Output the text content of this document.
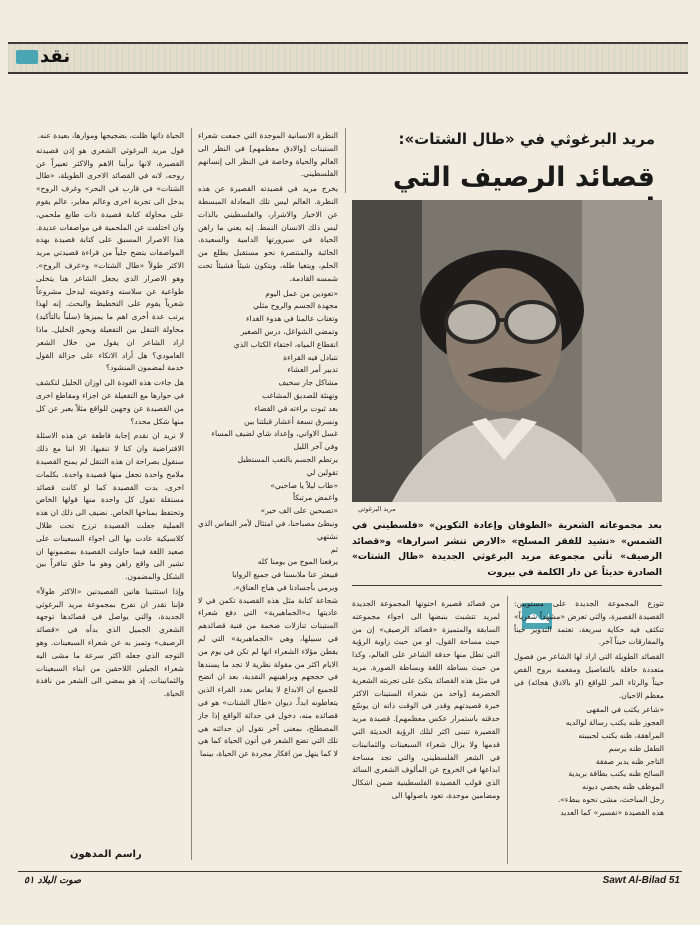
نقد

الحياة ذاتها ظلت، بضجيجها وموارها، بعيدة عنه.

قول مريد البرغوثي الشعري هو إذن قصيدته القصيرة، لانها برأينا الاهم والاكثر تعبيراً عن روحه، لانه في القصائد الاخرى الطويلة، «طال الشتات» في قارب في البحر» وغرف الروح» يدخل الى تجربة اخرى وعالم مغاير، عالم يقوم على محاولة كتابة قصيدة ذات طابع ملحمي، وان اختلفت عن الملحمية في مواصفات عديدة. هذا الاصرار المسبق على كتابة قصيدة بهذه المواصفات يتضح جلياً من قراءة قصيدتي مريد الاكثر طولاً «طال الشتات» و«غرف الروح». وهو الاصرار الذي يجعل الشاعر هنا يتخلى طواعية عن سلاسته وعفويته ليدخل مشروعاً شعرياً يقوم على التخطيط والبحث. إنه لهذا يرتب عدة أخرى اهم ما يميزها (سلباً بالتأكيد) محاولة التنقل بين التفعيلة وبحور الخليل. ماذا اراد الشاعر ان يقول من خلال الشعر العامودي؟ هل أراد الاتكاء على جزالة القول خدمة لمضمون المنشود؟

هل جاءت هذه العودة الى اوزان الخليل لتكشف في حوارها مع التفعيلة عن اجزاء ومقاطع اخرى من القصيدة عن وجهين للواقع مثلاً يعبر عن كل منها شكل محدد؟

لا نريد ان نقدم إجابة قاطعة عن هذه الاسئلة الافتراضية وان كنا لا ننفيها، الا اننا مع ذلك سنقول بصراحة ان هذه التنقل لم يمنح القصيدة ملامح واحدة تجعل منها قصيدة واحدة. بكلمات اخرى، بدت القصيدة كما لو كانت قصائد مستقلة تقول كل واحدة منها قولها الخاص وتحتفظ بمناخها الخاص. نضيف الى ذلك ان هذه العملية جعلت القصيدة ترزح تحت ظلال كلاسيكية عادت بها الى اجواء السبعينات على صعيد اللغة فيما حاولت القصيدة بمضمونها ان تشير الى واقع راهن وهو ما خلق تنافراً بين الشكل والمضمون.

وإذا استثنينا هاتين القصيدتين «الاكثر طولاً» فإننا نقدر ان نفرح بمجموعة مريد البرغوثي الجديدة، والتي يواصل في قصائدها توجهه الشعري الجميل الذي بدأه في «قصائد الرصيف» وتميز به عن شعراء السبعينات. وهو التوجه الذي جعله اكثر سرعة ما مشى اليه شعراء الجيلين اللاحقين من ابناء السبعينات والثمانينات. إذ هو يمضي الى الشعر من نافذة الحياة.

النظرة الانسانية الموجدة التي جمعت شعراء الستينات [والادق معظمهم] في النظر الى العالم والحياة وخاصة في النظر الى إنسانهم الفلسطيني.

يخرج مريد في قصيدته القصيرة عن هذه النظرة. العالم ليس تلك المعادلة المبسطة عن الاخيار والاشرار، والفلسطيني بالذات ليس ذلك الانسان النمط. إنه يعني ما راهن الحياة في سيرورتها الدامية والسعيدة، الخائبة والمنتصرة نحو مستقبل يطلع من الحلم، ويتغيا طله، ويتكون شيئاً فشيئاً تحت شمسه القادمة.

«تعودين من عمل اليوم
مجهدة الجسم والروح مثلي
وتغتاب عالمنا في هدوء الغداء
وتمضي الشواغل، درس الصغير
انقطاع المياه، اختفاء الكتاب الذي
نتبادل فيه القراءة
تدبير أمر العشاء
مشاكل جار سخيف
وتهنئة للصديق المشاغب
بعد ثبوت براءته في القضاء
ونسرق تسعة أعشار قبلتنا بين
غسل الاواني، وإعداد شاي لضيف المساء
وفي آخر الليل
يرتطم الجسم بالتعب المستطيل
تقولين لي
«طاب ليلاً يا صاحبي»
واغمض مرتبكاً
«تصبحين على الف خير»
ونبطئ مصباحنا، في امتثال لأمر النعاس الذي نشتهي
ثم
يرفعنا الموج من يومنا كله
فيبعثر عنا ملابسنا في جميع الزوايا
ويرمي بأجسادنا في هياج العناق».

شجاعة كتابة مثل هذه القصيدة تكمن في لا عاديتها بـ«الجماهيرية» التي دفع شعراء الستينات تنازلات ضخمة من فنية قصائدهم في سبيلها، وهي «الجماهيرية» التي لم يقطن مؤلاء الشعراء انها لم تكن في يوم من الايام اكثر من مقولة نظرية لا تجد ما يسندها في حججهم وبراهينهم النقدية، بعد ان اتضح للجميع ان الابداع لا يقاس بعدد القراء الذين يتعاطونه ابداً. ديوان «طال الشتات» هو في قصائده منه، دخول في حداثة الواقع إذا جاز المصطلح، بمعنى آخر نقول ان حداثته هي تلك التي تضع الشعر في أتون الحياة كما هي لا كما ينهل من افكار مجردة عن الحياة، بينما

مريد البرغوثي في «طال الشتات»:
قصائد الرصيف التي
مريد البرغوثي
بعد مجموعاته الشعرية «الطوفان وإعادة التكوين» «فلسطيني في الشمس» «نشيد للفقر المسلح» «الارض تنشر اسرارها» و«قصائد الرصيف» تأتي مجموعة مريد البرغوثي الجديدة «طال الشتات» الصادرة حديثاً عن دار الكلمة في بيروت

من قصائد قصيرة احتوتها المجموعة الجديدة لمريد تتشبث بنبضها الى اجواء مجموعته السابقة والمتميزة «قصائد الرصيف» إن من حيث مساحة القول، او من حيث زاوية الرؤية التي تطل منها حدقة الشاعر على العالم، وكذا من حيث بساطة اللغة وبساطة الصورة. مريد في مثل هذه القصائد يتكئ على تجربته الشعرية الخضرمة [واحد من شعراء الستينات الاكثر خبرة قصيدتهم وقدر في الوقت ذاته ان يوسّع حدقته باستمرار عكس معظمهم]. قصيدة مريد القصيرة تتبنى اكثر لتلك الرؤية الحديثة التي قدمها ولا يزال شعراء السبعينات والثمانينات في الشعر الفلسطيني، والتي تجد مساحة ابداعها في الخروج عن المألوف الشعري السائد الذي قولب القصيدة الفلسطينية ضمن اشكال ومضامين موحدة، تعود باصولها الى

تتوزع المجموعة الجديدة على مستويين: القصيدة القصيرة، والتي تعرض «مشهداً شعرياً» تتكثف فيه حكاية سريعة، تعتمد التدوير حيناً والمفارقات حيناً آخر.

القصائد الطويلة التي اراد لها الشاعر من فصول متعددة حافلة بالتفاصيل ومفعمة بروح القص حيناً والرثاء المر للواقع (او بالادق هجائه) في معظم الاحيان.

«شاعر يكتب في المقهى
العجوز ظنه يكتب رسالة لوالديه
المراهقة، ظنه يكتب لحبيبته
الطفل ظنه يرسم
التاجر ظنه يدبر صفقة
السائح ظنه يكتب بطاقة بريدية
الموظف ظنه يحصي ديونه
رجل المباحث، مشى نحوه ببطء».

هذه القصيدة «تفسير» كما العديد

راسم المدهون
صوت البلاد ٥١	Sawt Al-Bilad 51
